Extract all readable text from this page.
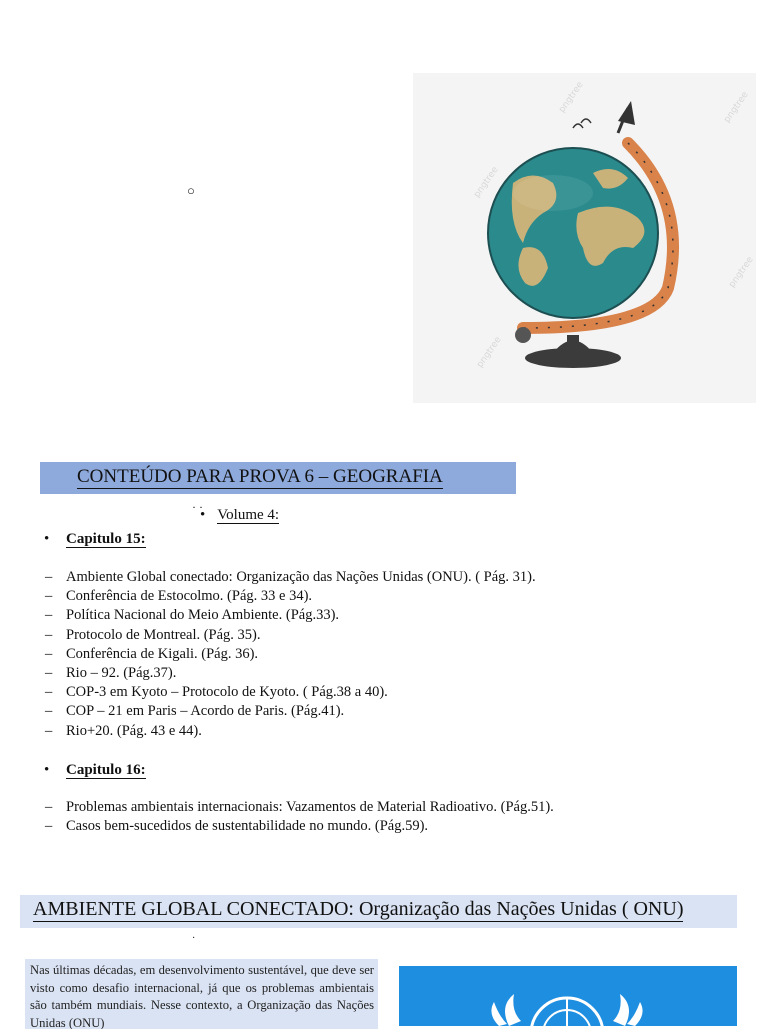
○
pngtree	pngtree
pngtree
pngtree
pngtree
CONTEÚDO PARA PROVA 6 – GEOGRAFIA
· ·
• Volume 4:
• Capitulo 15:
– Ambiente Global conectado: Organização das Nações Unidas (ONU). ( Pág. 31).
– Conferência de Estocolmo. (Pág. 33 e 34).
– Política Nacional do Meio Ambiente. (Pág.33).
– Protocolo de Montreal. (Pág. 35).
– Conferência de Kigali. (Pág. 36).
– Rio – 92. (Pág.37).
– COP-3 em Kyoto – Protocolo de Kyoto. ( Pág.38 a 40).
– COP – 21 em Paris – Acordo de Paris. (Pág.41).
– Rio+20. (Pág. 43 e 44).
• Capitulo 16:
– Problemas ambientais internacionais: Vazamentos de Material Radioativo. (Pág.51).
– Casos bem-sucedidos de sustentabilidade no mundo. (Pág.59).
AMBIENTE GLOBAL CONECTADO: Organização das Nações Unidas ( ONU)
·
Nas últimas décadas, em desenvolvimento sustentável, que deve ser visto como desafio internacional, já que os problemas ambientais são também mundiais. Nesse contexto, a Organização das Nações Unidas (ONU)
